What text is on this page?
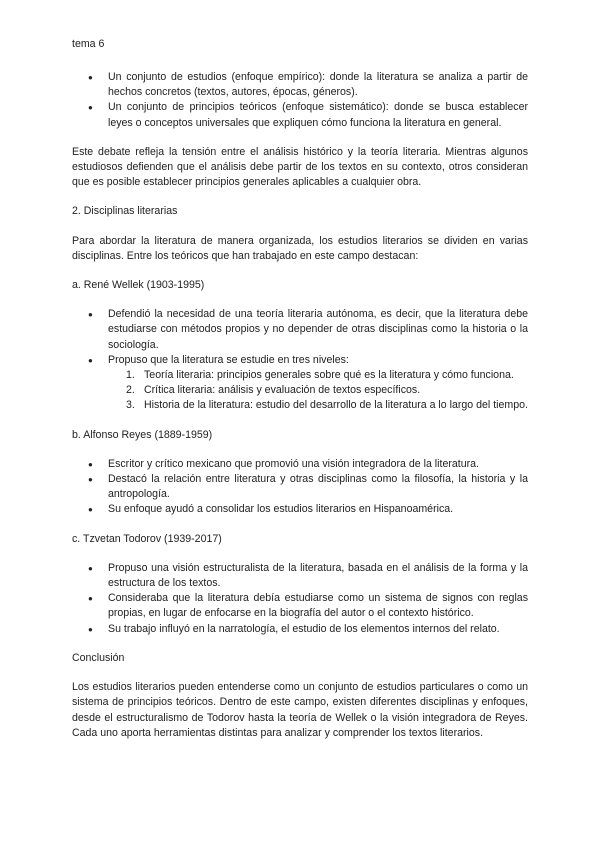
tema 6
● Un conjunto de estudios (enfoque empírico): donde la literatura se analiza a partir de hechos concretos (textos, autores, épocas, géneros).
● Un conjunto de principios teóricos (enfoque sistemático): donde se busca establecer leyes o conceptos universales que expliquen cómo funciona la literatura en general.

Este debate refleja la tensión entre el análisis histórico y la teoría literaria. Mientras algunos estudiosos defienden que el análisis debe partir de los textos en su contexto, otros consideran que es posible establecer principios generales aplicables a cualquier obra.

2. Disciplinas literarias

Para abordar la literatura de manera organizada, los estudios literarios se dividen en varias disciplinas. Entre los teóricos que han trabajado en este campo destacan:

a. René Wellek (1903-1995)

● Defendió la necesidad de una teoría literaria autónoma, es decir, que la literatura debe estudiarse con métodos propios y no depender de otras disciplinas como la historia o la sociología.
● Propuso que la literatura se estudie en tres niveles:
1. Teoría literaria: principios generales sobre qué es la literatura y cómo funciona.
2. Crítica literaria: análisis y evaluación de textos específicos.
3. Historia de la literatura: estudio del desarrollo de la literatura a lo largo del tiempo.

b. Alfonso Reyes (1889-1959)

● Escritor y crítico mexicano que promovió una visión integradora de la literatura.
● Destacó la relación entre literatura y otras disciplinas como la filosofía, la historia y la antropología.
● Su enfoque ayudó a consolidar los estudios literarios en Hispanoamérica.

c. Tzvetan Todorov (1939-2017)

● Propuso una visión estructuralista de la literatura, basada en el análisis de la forma y la estructura de los textos.
● Consideraba que la literatura debía estudiarse como un sistema de signos con reglas propias, en lugar de enfocarse en la biografía del autor o el contexto histórico.
● Su trabajo influyó en la narratología, el estudio de los elementos internos del relato.

Conclusión

Los estudios literarios pueden entenderse como un conjunto de estudios particulares o como un sistema de principios teóricos. Dentro de este campo, existen diferentes disciplinas y enfoques, desde el estructuralismo de Todorov hasta la teoría de Wellek o la visión integradora de Reyes. Cada uno aporta herramientas distintas para analizar y comprender los textos literarios.
